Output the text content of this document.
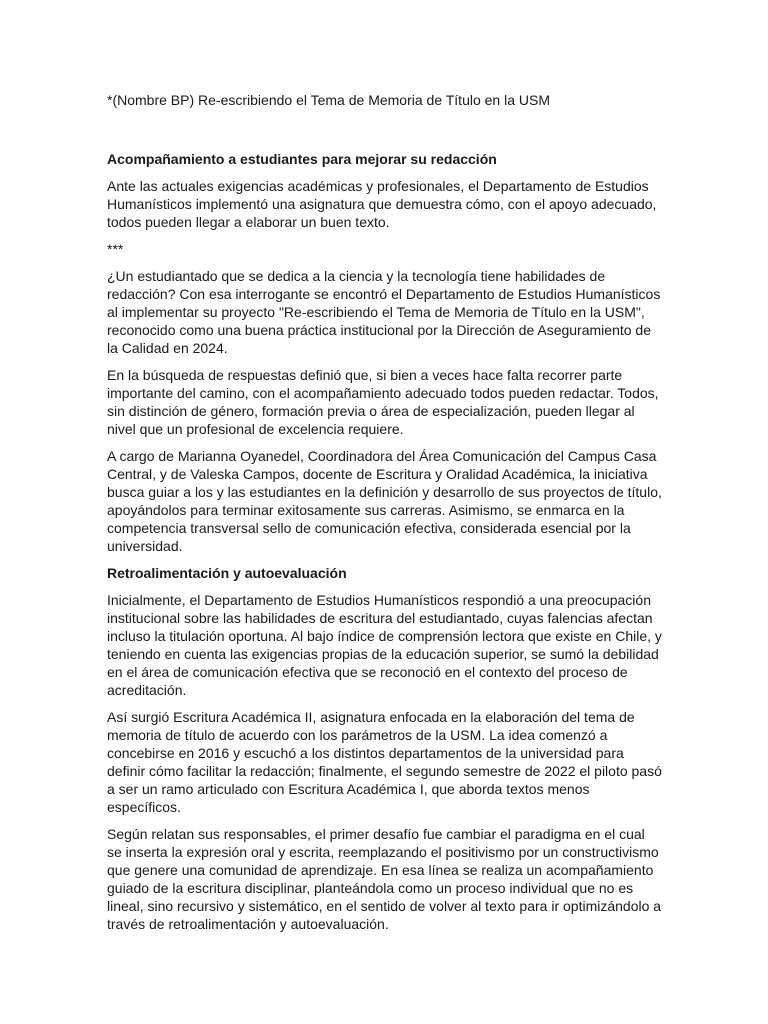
*(Nombre BP) Re-escribiendo el Tema de Memoria de Título en la USM

Acompañamiento a estudiantes para mejorar su redacción

Ante las actuales exigencias académicas y profesionales, el Departamento de Estudios Humanísticos implementó una asignatura que demuestra cómo, con el apoyo adecuado, todos pueden llegar a elaborar un buen texto.

***

¿Un estudiantado que se dedica a la ciencia y la tecnología tiene habilidades de redacción? Con esa interrogante se encontró el Departamento de Estudios Humanísticos al implementar su proyecto "Re-escribiendo el Tema de Memoria de Título en la USM", reconocido como una buena práctica institucional por la Dirección de Aseguramiento de la Calidad en 2024.

En la búsqueda de respuestas definió que, si bien a veces hace falta recorrer parte importante del camino, con el acompañamiento adecuado todos pueden redactar. Todos, sin distinción de género, formación previa o área de especialización, pueden llegar al nivel que un profesional de excelencia requiere.

A cargo de Marianna Oyanedel, Coordinadora del Área Comunicación del Campus Casa Central, y de Valeska Campos, docente de Escritura y Oralidad Académica, la iniciativa busca guiar a los y las estudiantes en la definición y desarrollo de sus proyectos de título, apoyándolos para terminar exitosamente sus carreras. Asimismo, se enmarca en la competencia transversal sello de comunicación efectiva, considerada esencial por la universidad.

Retroalimentación y autoevaluación

Inicialmente, el Departamento de Estudios Humanísticos respondió a una preocupación institucional sobre las habilidades de escritura del estudiantado, cuyas falencias afectan incluso la titulación oportuna. Al bajo índice de comprensión lectora que existe en Chile, y teniendo en cuenta las exigencias propias de la educación superior, se sumó la debilidad en el área de comunicación efectiva que se reconoció en el contexto del proceso de acreditación.

Así surgió Escritura Académica II, asignatura enfocada en la elaboración del tema de memoria de título de acuerdo con los parámetros de la USM. La idea comenzó a concebirse en 2016 y escuchó a los distintos departamentos de la universidad para definir cómo facilitar la redacción; finalmente, el segundo semestre de 2022 el piloto pasó a ser un ramo articulado con Escritura Académica I, que aborda textos menos específicos.

Según relatan sus responsables, el primer desafío fue cambiar el paradigma en el cual se inserta la expresión oral y escrita, reemplazando el positivismo por un constructivismo que genere una comunidad de aprendizaje. En esa línea se realiza un acompañamiento guiado de la escritura disciplinar, planteándola como un proceso individual que no es lineal, sino recursivo y sistemático, en el sentido de volver al texto para ir optimizándolo a través de retroalimentación y autoevaluación.
